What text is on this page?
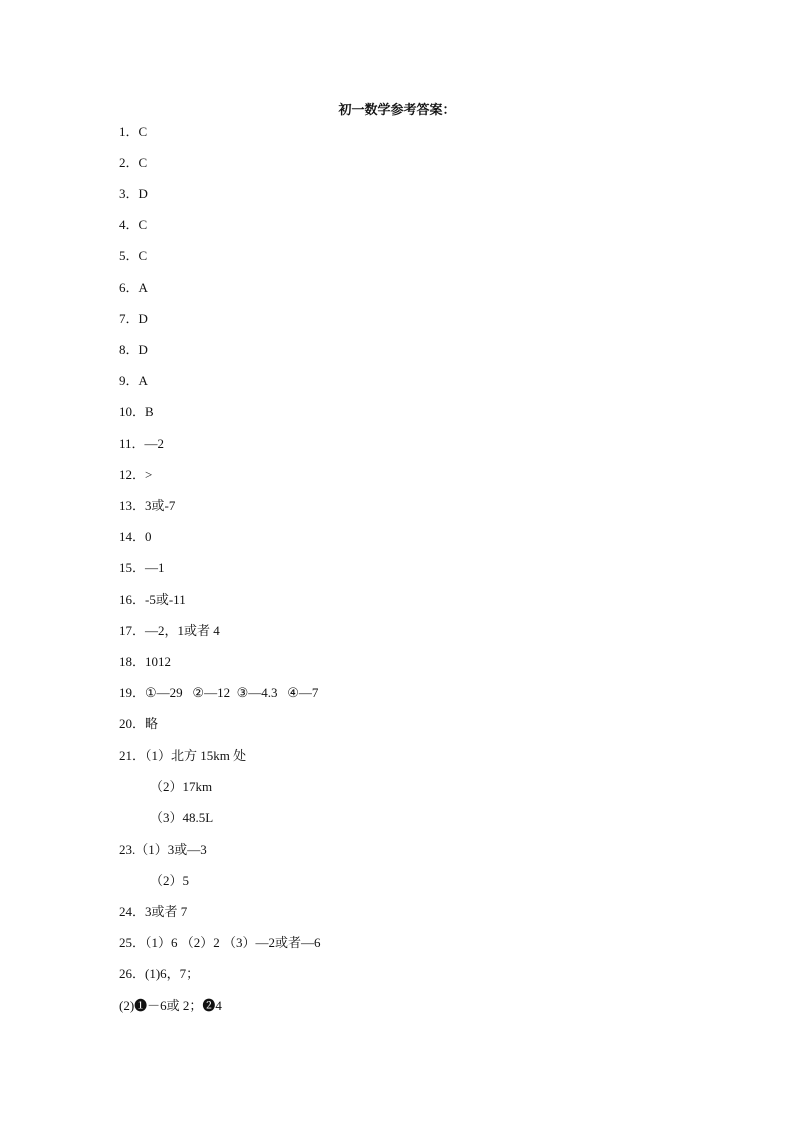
初一数学参考答案：
1．C
2．C
3．D
4．C
5．C
6．A
7．D
8．D
9．A
10．B
11．—2
12．>
13．3或-7
14．0
15．—1
16．-5或-11
17．—2，1或者 4
18．1012
19．①—29   ②—12  ③—4.3   ④—7
20．略
21．（1）北方 15km 处
（2）17km
（3）48.5L
23.（1）3或—3
（2）5
24．3或者 7
25．（1）6 （2）2 （3）—2或者—6
26．(1)6，7；
(2)❶－6或 2；❷4
